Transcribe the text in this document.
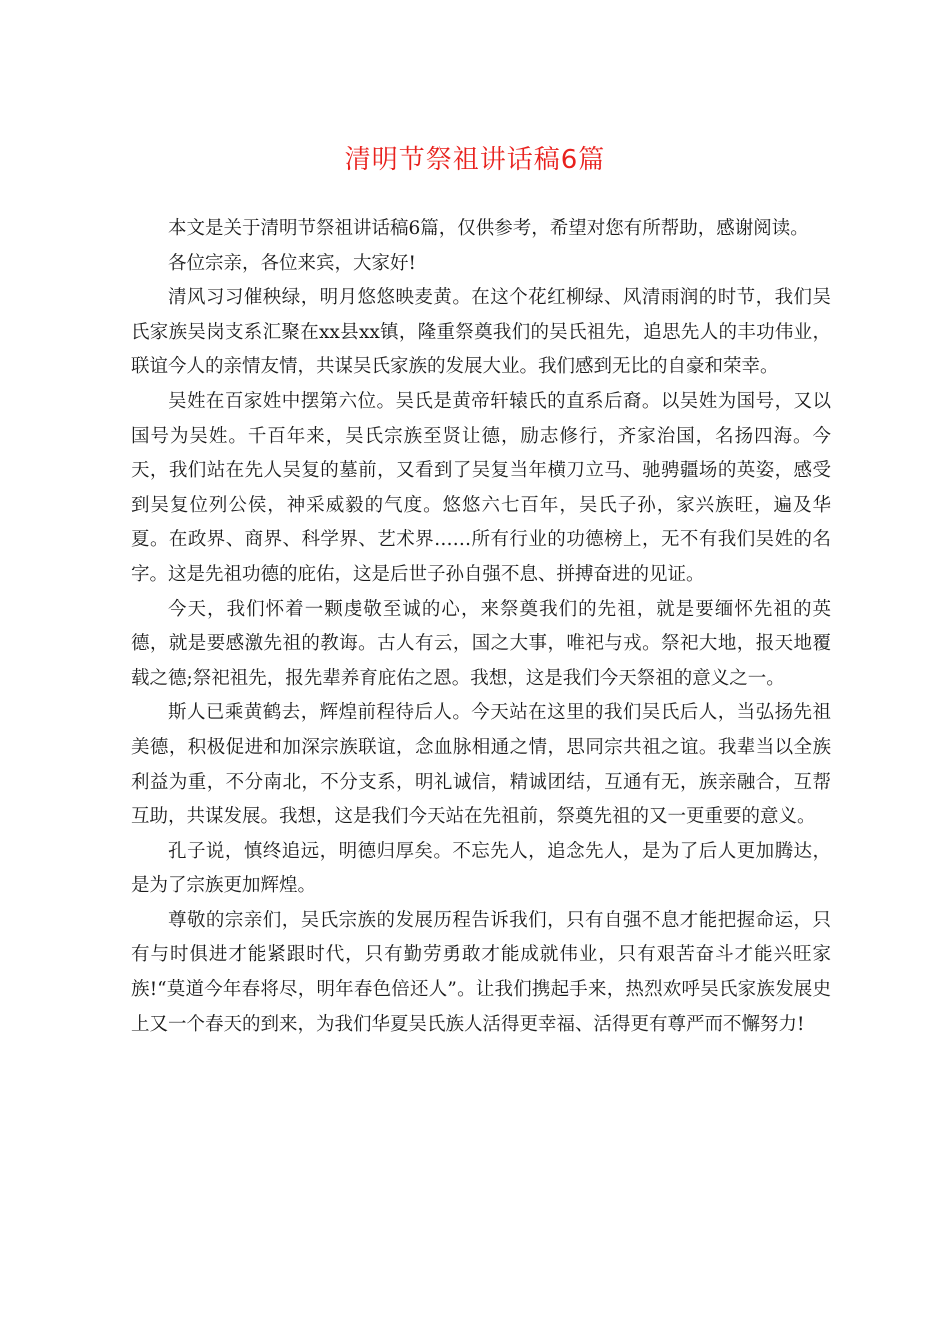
清明节祭祖讲话稿6篇

本文是关于清明节祭祖讲话稿6篇，仅供参考，希望对您有所帮助，感谢阅读。

各位宗亲，各位来宾，大家好!

清风习习催秧绿，明月悠悠映麦黄。在这个花红柳绿、风清雨润的时节，我们吴氏家族吴岗支系汇聚在xx县xx镇，隆重祭奠我们的吴氏祖先，追思先人的丰功伟业，联谊今人的亲情友情，共谋吴氏家族的发展大业。我们感到无比的自豪和荣幸。

吴姓在百家姓中摆第六位。吴氏是黄帝轩辕氏的直系后裔。以吴姓为国号，又以国号为吴姓。千百年来，吴氏宗族至贤让德，励志修行，齐家治国，名扬四海。今天，我们站在先人吴复的墓前，又看到了吴复当年横刀立马、驰骋疆场的英姿，感受到吴复位列公侯，神采威毅的气度。悠悠六七百年，吴氏子孙，家兴族旺，遍及华夏。在政界、商界、科学界、艺术界……所有行业的功德榜上，无不有我们吴姓的名字。这是先祖功德的庇佑，这是后世子孙自强不息、拼搏奋进的见证。

今天，我们怀着一颗虔敬至诚的心，来祭奠我们的先祖，就是要缅怀先祖的英德，就是要感激先祖的教诲。古人有云，国之大事，唯祀与戎。祭祀大地，报天地覆载之德;祭祀祖先，报先辈养育庇佑之恩。我想，这是我们今天祭祖的意义之一。

斯人已乘黄鹤去，辉煌前程待后人。今天站在这里的我们吴氏后人，当弘扬先祖美德，积极促进和加深宗族联谊，念血脉相通之情，思同宗共祖之谊。我辈当以全族利益为重，不分南北，不分支系，明礼诚信，精诚团结，互通有无，族亲融合，互帮互助，共谋发展。我想，这是我们今天站在先祖前，祭奠先祖的又一更重要的意义。

孔子说，慎终追远，明德归厚矣。不忘先人，追念先人，是为了后人更加腾达，是为了宗族更加辉煌。

尊敬的宗亲们，吴氏宗族的发展历程告诉我们，只有自强不息才能把握命运，只有与时俱进才能紧跟时代，只有勤劳勇敢才能成就伟业，只有艰苦奋斗才能兴旺家族!“莫道今年春将尽，明年春色倍还人”。让我们携起手来，热烈欢呼吴氏家族发展史上又一个春天的到来，为我们华夏吴氏族人活得更幸福、活得更有尊严而不懈努力!
